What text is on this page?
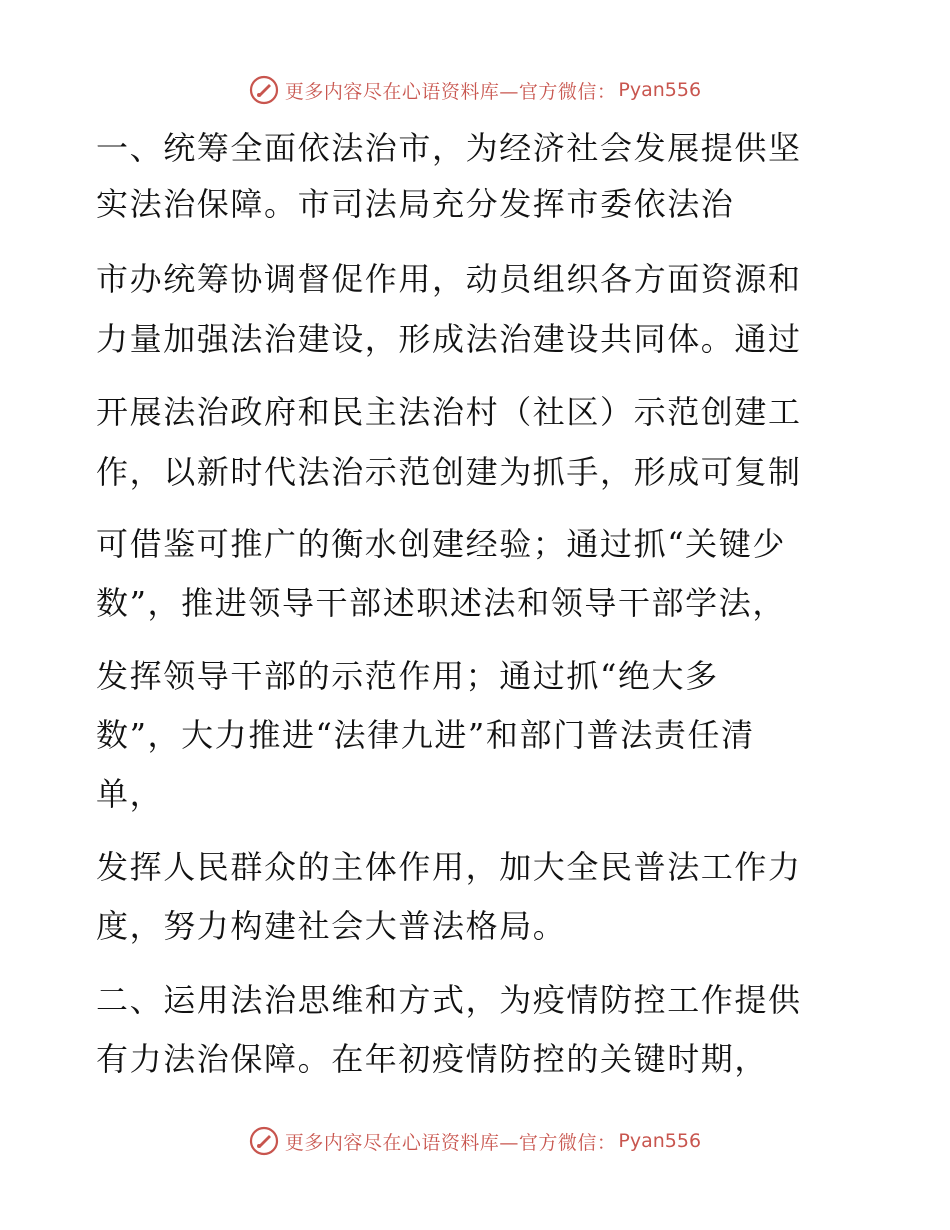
更多内容尽在心语资料库—官方微信： Pyan556
一、统筹全面依法治市，为经济社会发展提供坚
实法治保障。市司法局充分发挥市委依法治
市办统筹协调督促作用，动员组织各方面资源和
力量加强法治建设，形成法治建设共同体。通过
开展法治政府和民主法治村（社区）示范创建工
作，以新时代法治示范创建为抓手，形成可复制
可借鉴可推广的衡水创建经验；通过抓“关键少
数”，推进领导干部述职述法和领导干部学法，
发挥领导干部的示范作用；通过抓“绝大多
数”，大力推进“法律九进”和部门普法责任清
单，
发挥人民群众的主体作用，加大全民普法工作力
度，努力构建社会大普法格局。
二、运用法治思维和方式，为疫情防控工作提供
有力法治保障。在年初疫情防控的关键时期，
更多内容尽在心语资料库—官方微信： Pyan556
